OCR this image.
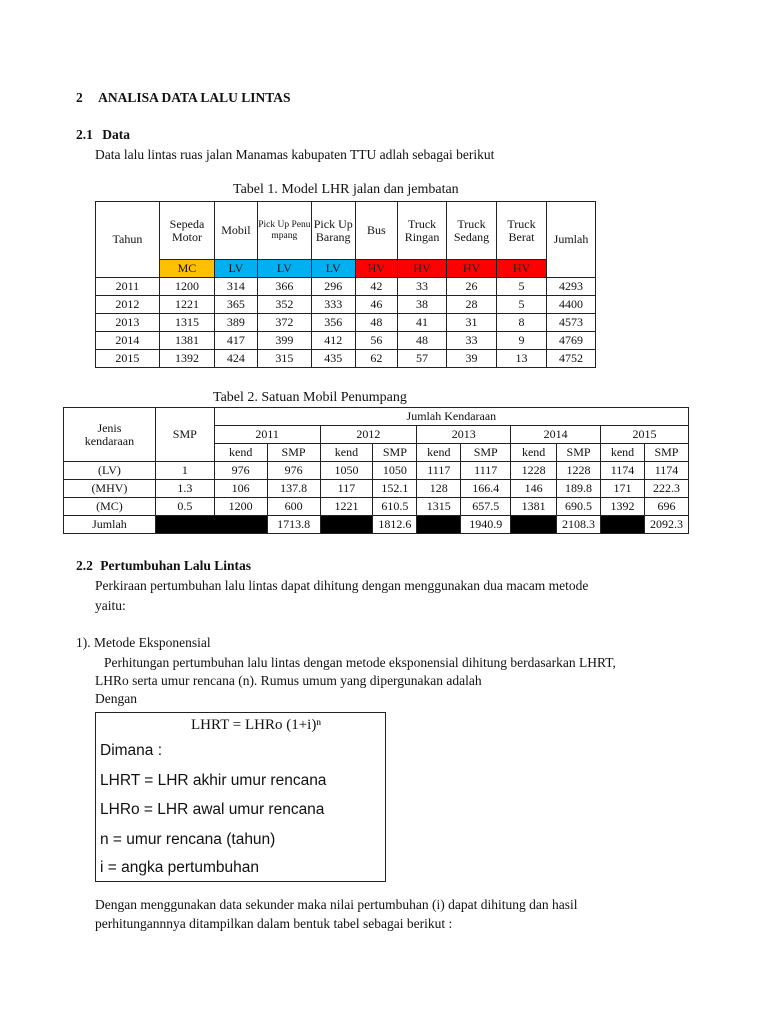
2 ANALISA DATA LALU LINTAS
2.1 Data
Data lalu lintas ruas jalan Manamas kabupaten TTU adlah sebagai berikut
Tabel 1. Model LHR jalan dan jembatan
Tahun	Sepeda Motor	Mobil	Pick Up Penumpang	Pick Up Barang	Bus	Truck Ringan	Truck Sedang	Truck Berat	Jumlah
	MC	LV	LV	LV	HV	HV	HV	HV	
2011	1200	314	366	296	42	33	26	5	4293
2012	1221	365	352	333	46	38	28	5	4400
2013	1315	389	372	356	48	41	31	8	4573
2014	1381	417	399	412	56	48	33	9	4769
2015	1392	424	315	435	62	57	39	13	4752
Tabel 2. Satuan Mobil Penumpang
Jenis kendaraan	SMP	Jumlah Kendaraan									
		2011		2012		2013		2014		2015	
		kend	SMP	kend	SMP	kend	SMP	kend	SMP	kend	SMP
(LV)	1	976	976	1050	1050	1117	1117	1228	1228	1174	1174
(MHV)	1.3	106	137.8	117	152.1	128	166.4	146	189.8	171	222.3
(MC)	0.5	1200	600	1221	610.5	1315	657.5	1381	690.5	1392	696
Jumlah			1713.8		1812.6		1940.9		2108.3		2092.3
2.2 Pertumbuhan Lalu Lintas
Perkiraan pertumbuhan lalu lintas dapat dihitung dengan menggunakan dua macam metode
yaitu:
1). Metode Eksponensial
Perhitungan pertumbuhan lalu lintas dengan metode eksponensial dihitung berdasarkan LHRT,
LHRo serta umur rencana (n). Rumus umum yang dipergunakan adalah
Dengan
LHRT = LHRo (1+i)ⁿ
Dimana :
LHRT = LHR akhir umur rencana
LHRo = LHR awal umur rencana
n = umur rencana (tahun)
i = angka pertumbuhan
Dengan menggunakan data sekunder maka nilai pertumbuhan (i) dapat dihitung dan hasil
perhitungannnya ditampilkan dalam bentuk tabel sebagai berikut :
